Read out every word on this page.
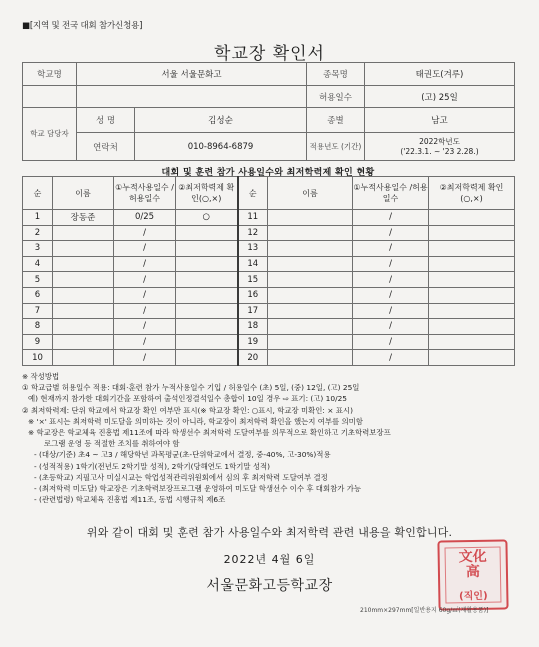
■[지역 및 전국 대회 참가신청용]
학교장 확인서
학교명	서울 서울문화고		종목명	태권도(겨루)
			허용일수	(고) 25일
학교 담당자	성 명	김성순	종별	남고
	연락처	010-8964-6879	적용년도 (기간)	2022학년도
('22.3.1. ~ '23 2.28.)
대회 및 훈련 참가 사용일수와 최저학력제 확인 현황
순	이름	①누적사용일수 /허용일수	②최저학력제 확인(○,×)	순	이름	①누적사용일수 /허용일수	②최저학력제 확인(○,×)
1	장동준	0/25	○	11		/	
2		/		12		/	
3		/		13		/	
4		/		14		/	
5		/		15		/	
6		/		16		/	
7		/		17		/	
8		/		18		/	
9		/		19		/	
10		/		20		/	
※ 작성방법
① 학교급별 허용일수 적용: 대회·훈련 참가 누적사용일수 기입 / 허용일수 (초) 5일, (중) 12일, (고) 25일
예) 현재까지 참가한 대회기간을 포함하여 출석인정결석일수 총합이 10일 경우 ⇨ 표기: (고) 10/25
② 최저학력제: 단위 학교에서 학교장 확인 여부만 표시(※ 학교장 확인: ○표시, 학교장 미확인: × 표시)
※ '×' 표시는 최저학력 미도달을 의미하는 것이 아니라, 학교장이 최저학력 확인을 했는지 여부를 의미함
※ 학교장은 학교체육 진흥법 제11조에 따라 학생선수 최저학력 도달여부를 의무적으로 확인하고 기초학력보장프
로그램 운영 등 적절한 조치를 취하여야 함
- (대상/기준) 초4 ~ 고3 / 해당학년 과목평균(초-단위학교에서 결정, 중-40%, 고-30%)적용
- (성적적용) 1학기(전년도 2학기말 성적), 2학기(당해연도 1학기말 성적)
- (초등학교) 지필고사 미실시교는 학업성적관리위원회에서 심의 후 최저학력 도달여부 결정
- (최저학력 미도달) 학교장은 기초학력보장프로그램 운영하여 미도달 학생선수 이수 후 대회참가 가능
- (관련법령) 학교체육 진흥법 제11조, 동법 시행규칙 제6조
위와 같이 대회 및 훈련 참가 사용일수와 최저학력 관련 내용을 확인합니다.
2022년 4월 6일
서울문화고등학교장
文化
高
(직인)
210mm×297mm[일반용지 60g/㎡(재활용품)]
